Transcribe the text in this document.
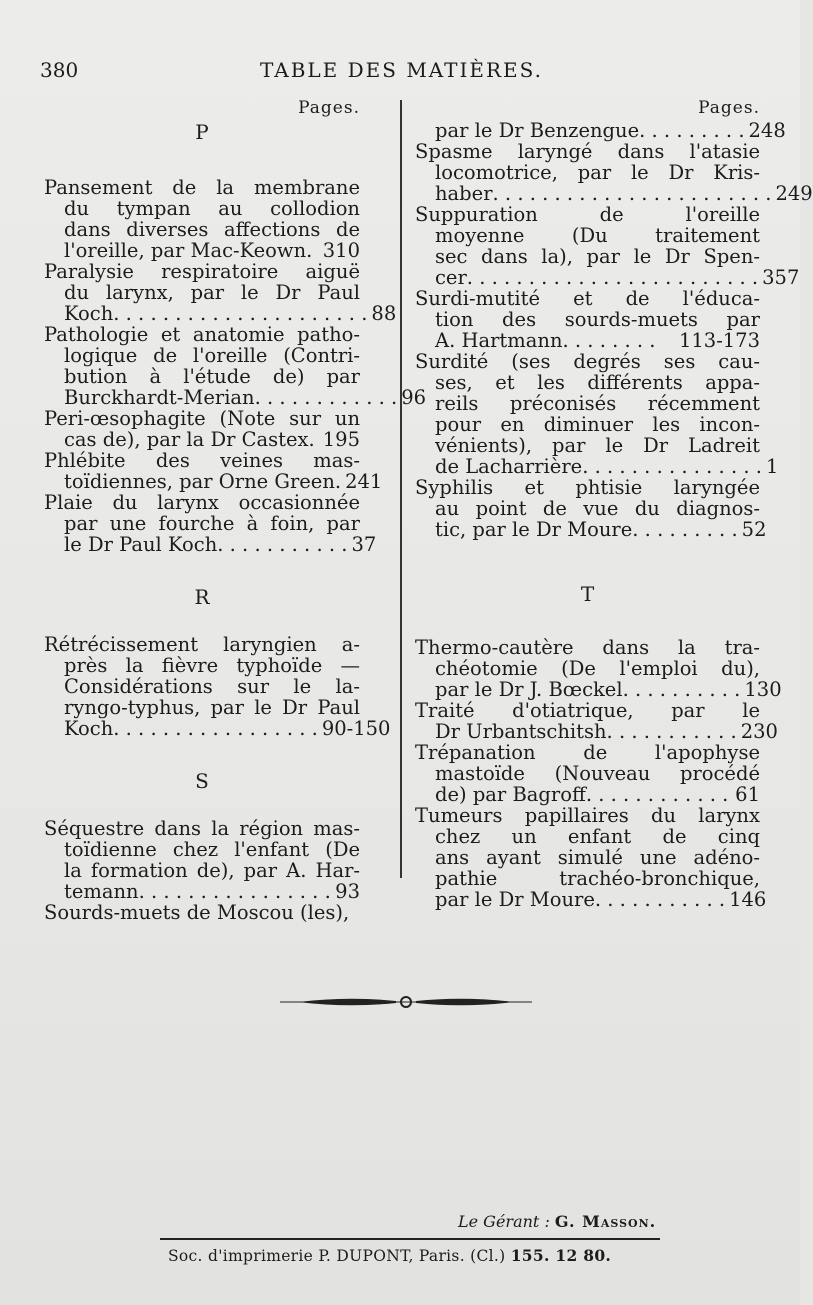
380	TABLE DES MATIÈRES.
Pages.
P
Pansement de la membrane
du tympan au collodion
dans diverses affections de
l'oreille, par Mac-Keown. 310
Paralysie respiratoire aiguë
du larynx, par le Dr Paul
Koch . . . . . . . . . . . . . . . . . . . . . 88
Pathologie et anatomie patho-
logique de l'oreille (Contri-
bution à l'étude de) par
Burckhardt-Merian . . . . . . . . . . . . 96
Peri-œsophagite (Note sur un
cas de), par la Dr Castex. 195
Phlébite des veines mas-
toïdiennes, par Orne Green. 241
Plaie du larynx occasionnée
par une fourche à foin, par
le Dr Paul Koch . . . . . . . . . . . 37
R
Rétrécissement laryngien a-
près la fièvre typhoïde —
Considérations sur le la-
ryngo-typhus, par le Dr Paul
Koch . . . . . . . . . . . . . . . . . 90-150
S
Séquestre dans la région mas-
toïdienne chez l'enfant (De
la formation de), par A. Har-
temann . . . . . . . . . . . . . . . . 93
Sourds-muets de Moscou (les),
Pages.
par le Dr Benzengue . . . . . . . . . 248
Spasme laryngé dans l'atasie
locomotrice, par le Dr Kris-
haber . . . . . . . . . . . . . . . . . . . . . . . 249
Suppuration de l'oreille
moyenne (Du traitement
sec dans la), par le Dr Spen-
cer . . . . . . . . . . . . . . . . . . . . . . . . 357
Surdi-mutité et de l'éduca-
tion des sourds-muets par
A. Hartmann . . . . . . . .	113-173
Surdité (ses degrés ses cau-
ses, et les différents appa-
reils préconisés récemment
pour en diminuer les incon-
vénients), par le Dr Ladreit
de Lacharrière . . . . . . . . . . . . . . . 1
Syphilis et phtisie laryngée
au point de vue du diagnos-
tic, par le Dr Moure . . . . . . . . . 52
T
Thermo-cautère dans la tra-
chéotomie (De l'emploi du),
par le Dr J. Bœckel . . . . . . . . . . 130
Traité d'otiatrique, par le
Dr Urbantschitsh . . . . . . . . . . . 230
Trépanation de l'apophyse
mastoïde (Nouveau procédé
de) par Bagroff . . . . . . . . . . . . 61
Tumeurs papillaires du larynx
chez un enfant de cinq
ans ayant simulé une adéno-
pathie trachéo-bronchique,
par le Dr Moure . . . . . . . . . . . 146
Le Gérant : G. Masson.
Soc. d'imprimerie P. DUPONT, Paris. (Cl.) 155. 12 80.
